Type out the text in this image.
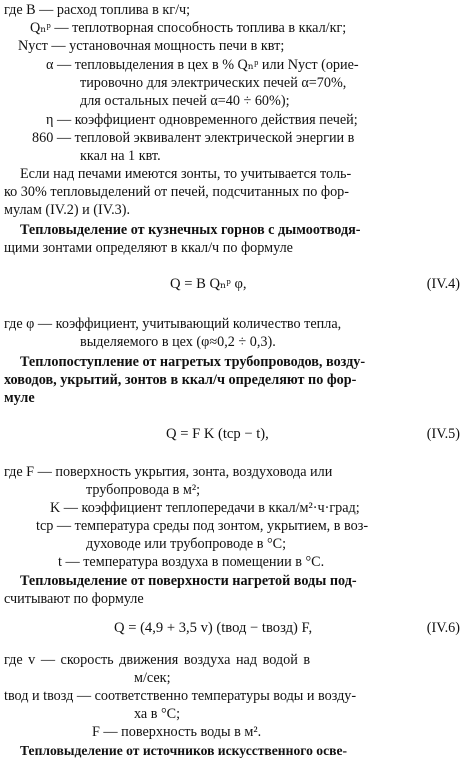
где B — расход топлива в кг/ч;
Qₙᵖ — теплотворная способность топлива в ккал/кг;
Nуст — установочная мощность печи в квт;
α — тепловыделения в цех в % Qₙᵖ или Nуст (орие-
тировочно для электрических печей α=70%,
для остальных печей α=40 ÷ 60%);
η — коэффициент одновременного действия печей;
860 — тепловой эквивалент электрической энергии в
ккал на 1 квт.
Если над печами имеются зонты, то учитывается толь-
ко 30% тепловыделений от печей, подсчитанных по фор-
мулам (IV.2) и (IV.3).
Тепловыделение от кузнечных горнов с дымоотводя-
щими зонтами определяют в ккал/ч по формуле
Q = B Qₙᵖ φ,	(IV.4)
где φ — коэффициент, учитывающий количество тепла,
выделяемого в цех (φ≈0,2 ÷ 0,3).
Теплопоступление от нагретых трубопроводов, возду-
ховодов, укрытий, зонтов в ккал/ч определяют по фор-
муле
Q = F K (tср − t),	(IV.5)
где F — поверхность укрытия, зонта, воздуховода или
трубопровода в м²;
K — коэффициент теплопередачи в ккал/м²·ч·град;
tср — температура среды под зонтом, укрытием, в воз-
духоводе или трубопроводе в °C;
t — температура воздуха в помещении в °C.
Тепловыделение от поверхности нагретой воды под-
считывают по формуле
Q = (4,9 + 3,5 v) (tвод − tвозд) F,	(IV.6)
где v — скорость движения воздуха над водой в
м/сек;
tвод и tвозд — соответственно температуры воды и возду-
ха в °C;
F — поверхность воды в м².
Тепловыделение от источников искусственного осве-
